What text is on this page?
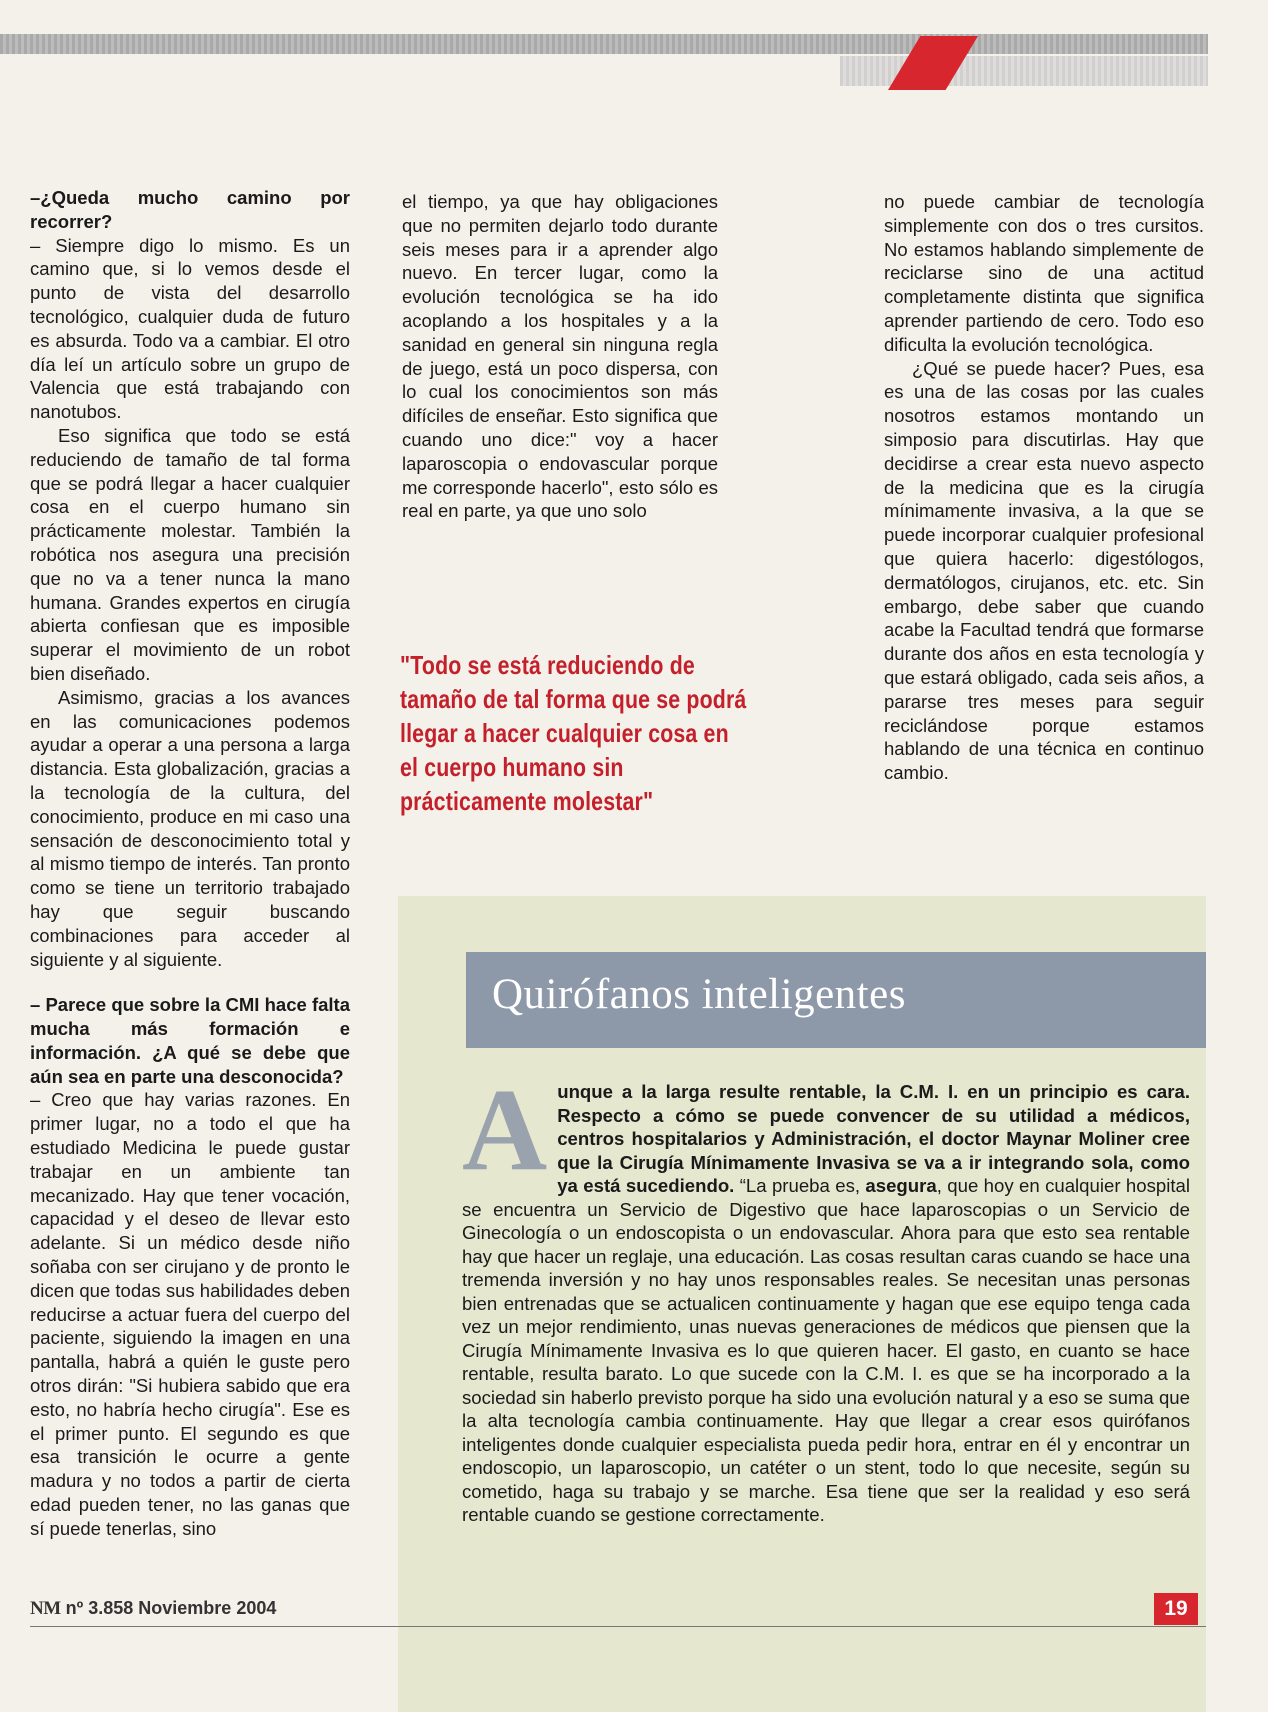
–¿Queda mucho camino por recorrer?

– Siempre digo lo mismo. Es un camino que, si lo vemos desde el punto de vista del desarrollo tecnológico, cualquier duda de futuro es absurda. Todo va a cambiar. El otro día leí un artículo sobre un grupo de Valencia que está trabajando con nanotubos.

Eso significa que todo se está reduciendo de tamaño de tal forma que se podrá llegar a hacer cualquier cosa en el cuerpo humano sin prácticamente molestar. También la robótica nos asegura una precisión que no va a tener nunca la mano humana. Grandes expertos en cirugía abierta confiesan que es imposible superar el movimiento de un robot bien diseñado.

Asimismo, gracias a los avances en las comunicaciones podemos ayudar a operar a una persona a larga distancia. Esta globalización, gracias a la tecnología de la cultura, del conocimiento, produce en mi caso una sensación de desconocimiento total y al mismo tiempo de interés. Tan pronto como se tiene un territorio trabajado hay que seguir buscando combinaciones para acceder al siguiente y al siguiente.

– Parece que sobre la CMI hace falta mucha más formación e información. ¿A qué se debe que aún sea en parte una desconocida?

– Creo que hay varias razones. En primer lugar, no a todo el que ha estudiado Medicina le puede gustar trabajar en un ambiente tan mecanizado. Hay que tener vocación, capacidad y el deseo de llevar esto adelante. Si un médico desde niño soñaba con ser cirujano y de pronto le dicen que todas sus habilidades deben reducirse a actuar fuera del cuerpo del paciente, siguiendo la imagen en una pantalla, habrá a quién le guste pero otros dirán: "Si hubiera sabido que era esto, no habría hecho cirugía". Ese es el primer punto. El segundo es que esa transición le ocurre a gente madura y no todos a partir de cierta edad pueden tener, no las ganas que sí puede tenerlas, sino

el tiempo, ya que hay obligaciones que no permiten dejarlo todo durante seis meses para ir a aprender algo nuevo. En tercer lugar, como la evolución tecnológica se ha ido acoplando a los hospitales y a la sanidad en general sin ninguna regla de juego, está un poco dispersa, con lo cual los conocimientos son más difíciles de enseñar. Esto significa que cuando uno dice:" voy a hacer laparoscopia o endovascular porque me corresponde hacerlo", esto sólo es real en parte, ya que uno solo

"Todo se está reduciendo de tamaño de tal forma que se podrá llegar a hacer cualquier cosa en el cuerpo humano sin prácticamente molestar"

no puede cambiar de tecnología simplemente con dos o tres cursitos. No estamos hablando simplemente de reciclarse sino de una actitud completamente distinta que significa aprender partiendo de cero. Todo eso dificulta la evolución tecnológica.

¿Qué se puede hacer? Pues, esa es una de las cosas por las cuales nosotros estamos montando un simposio para discutirlas. Hay que decidirse a crear esta nuevo aspecto de la medicina que es la cirugía mínimamente invasiva, a la que se puede incorporar cualquier profesional que quiera hacerlo: digestólogos, dermatólogos, cirujanos, etc. etc. Sin embargo, debe saber que cuando acabe la Facultad tendrá que formarse durante dos años en esta tecnología y que estará obligado, cada seis años, a pararse tres meses para seguir reciclándose porque estamos hablando de una técnica en continuo cambio.

Quirófanos inteligentes

A unque a la larga resulte rentable, la C.M. I. en un principio es cara. Respecto a cómo se puede convencer de su utilidad a médicos, centros hospitalarios y Administración, el doctor Maynar Moliner cree que la Cirugía Mínimamente Invasiva se va a ir integrando sola, como ya está sucediendo. “La prueba es, asegura, que hoy en cualquier hospital se encuentra un Servicio de Digestivo que hace laparoscopias o un Servicio de Ginecología o un endoscopista o un endovascular. Ahora para que esto sea rentable hay que hacer un reglaje, una educación. Las cosas resultan caras cuando se hace una tremenda inversión y no hay unos responsables reales. Se necesitan unas personas bien entrenadas que se actualicen continuamente y hagan que ese equipo tenga cada vez un mejor rendimiento, unas nuevas generaciones de médicos que piensen que la Cirugía Mínimamente Invasiva es lo que quieren hacer. El gasto, en cuanto se hace rentable, resulta barato. Lo que sucede con la C.M. I. es que se ha incorporado a la sociedad sin haberlo previsto porque ha sido una evolución natural y a eso se suma que la alta tecnología cambia continuamente. Hay que llegar a crear esos quirófanos inteligentes donde cualquier especialista pueda pedir hora, entrar en él y encontrar un endoscopio, un laparoscopio, un catéter o un stent, todo lo que necesite, según su cometido, haga su trabajo y se marche. Esa tiene que ser la realidad y eso será rentable cuando se gestione correctamente.

NM nº 3.858 Noviembre 2004	19
